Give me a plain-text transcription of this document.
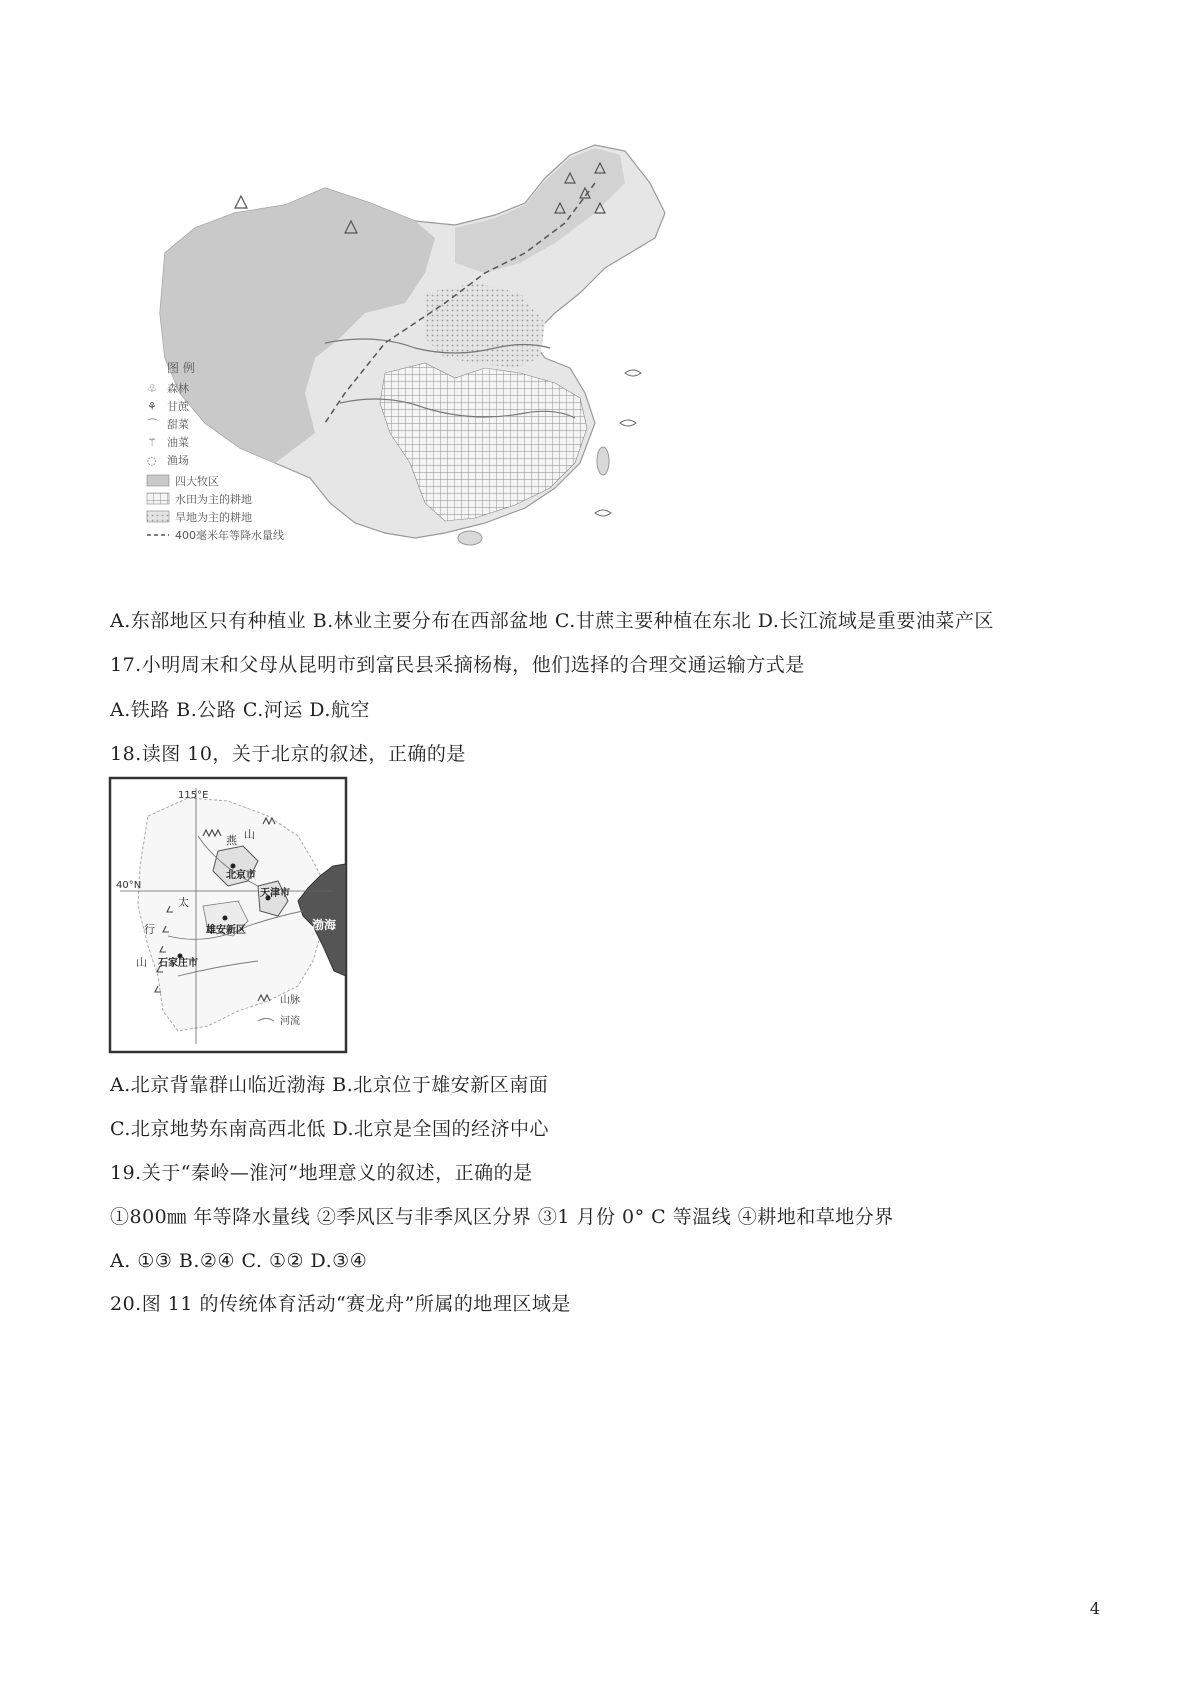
图 例
♧ 森林
⚘ 甘蔗
⌒ 甜菜
⚚ 油菜
◌ 渔场
四大牧区
水田为主的耕地
旱地为主的耕地
400毫米年等降水量线
A.东部地区只有种植业 B.林业主要分布在西部盆地 C.甘蔗主要种植在东北 D.长江流域是重要油菜产区
17.小明周末和父母从昆明市到富民县采摘杨梅，他们选择的合理交通运输方式是
A.铁路 B.公路 C.河运 D.航空
18.读图 10，关于北京的叙述，正确的是
渤海
115°E
40°N
北京市
天津市
雄安新区
石家庄市
太
行
山
燕 山
山脉
河流
A.北京背靠群山临近渤海 B.北京位于雄安新区南面
C.北京地势东南高西北低 D.北京是全国的经济中心
19.关于“秦岭—淮河”地理意义的叙述，正确的是
①800㎜ 年等降水量线 ②季风区与非季风区分界 ③1 月份 0° C 等温线 ④耕地和草地分界
A. ①③ B.②④ C. ①② D.③④
20.图 11 的传统体育活动“赛龙舟”所属的地理区域是
4
